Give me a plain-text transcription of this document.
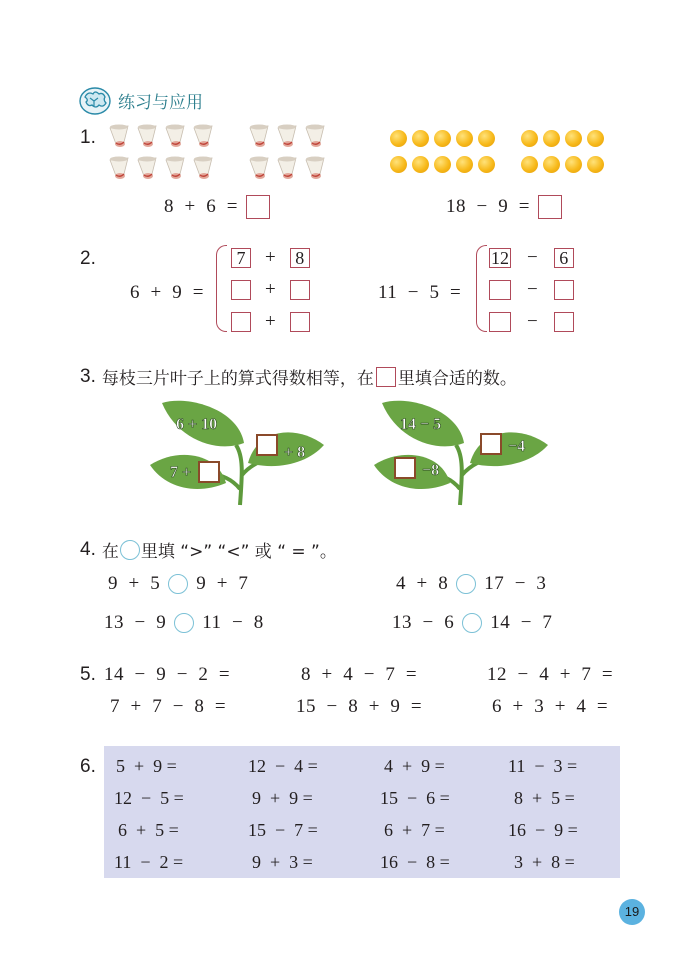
练习与应用
1.
8  +  6  =	18  −  9  =
2.
6  +  9  =
7 +	8
+
+
11  −  5  =
12 −	6
−
−
3. 每枝三片叶子上的算式得数相等，在 里填合适的数。
6 + 10
+ 8
7 +
14 − 5
−4
−8
4. 在 里填 “>” “<” 或 “ = ”。
9  +  5 9  +  7	4  +  8 17  −  3
13  −  9 11  −  8	13  −  6 14  −  7
5. 14  −  9  −  2  =	8  +  4  −  7  =	12  −  4  +  7  =
7  +  7  −  8  =	15  −  8  +  9  =	6  +  3  +  4  =
6. 5  +  9 =	12  −  4 =	4  +  9 =	11  −  3 =
12  −  5 =	9  +  9 =	15  −  6 =	8  +  5 =
6  +  5 =	15  −  7 =	6  +  7 =	16  −  9 =
11  −  2 =	9  +  3 =	16  −  8 =	3  +  8 =
19
